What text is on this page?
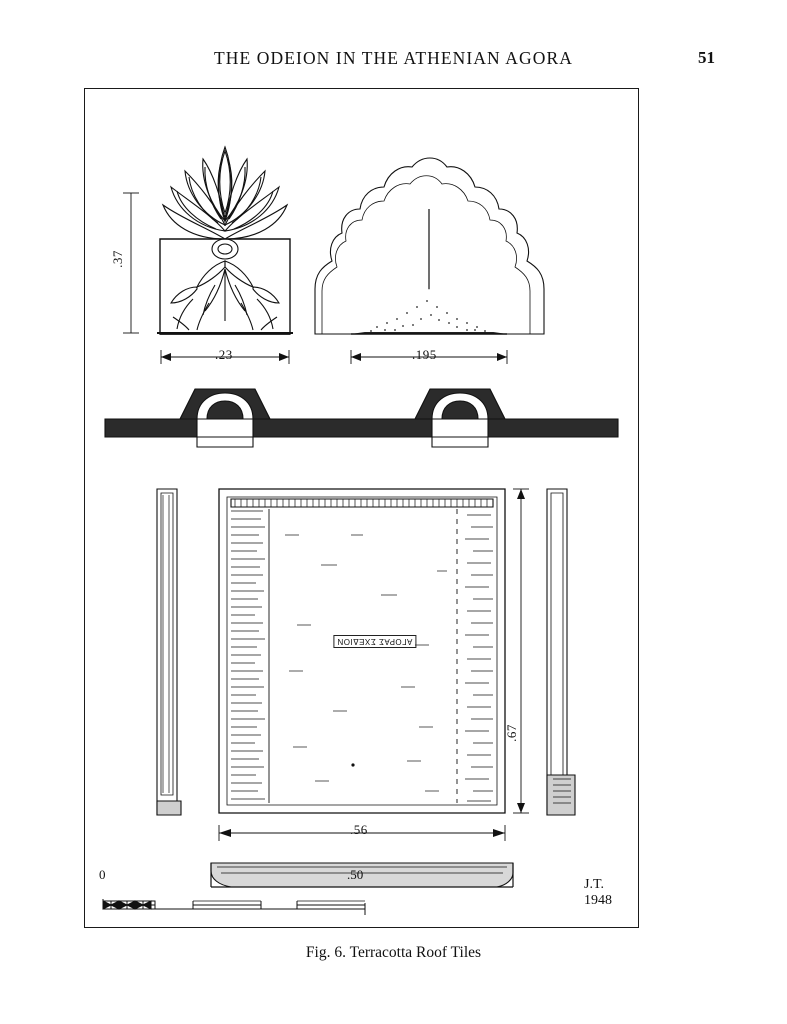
THE ODEION IN THE ATHENIAN AGORA	51
.37
.23	.195
.67
.56
ΑΓΟΡΑΣ ΣΧΕΔΙΟΝ
0	.50
J.T.
1948
Fig. 6. Terracotta Roof Tiles
